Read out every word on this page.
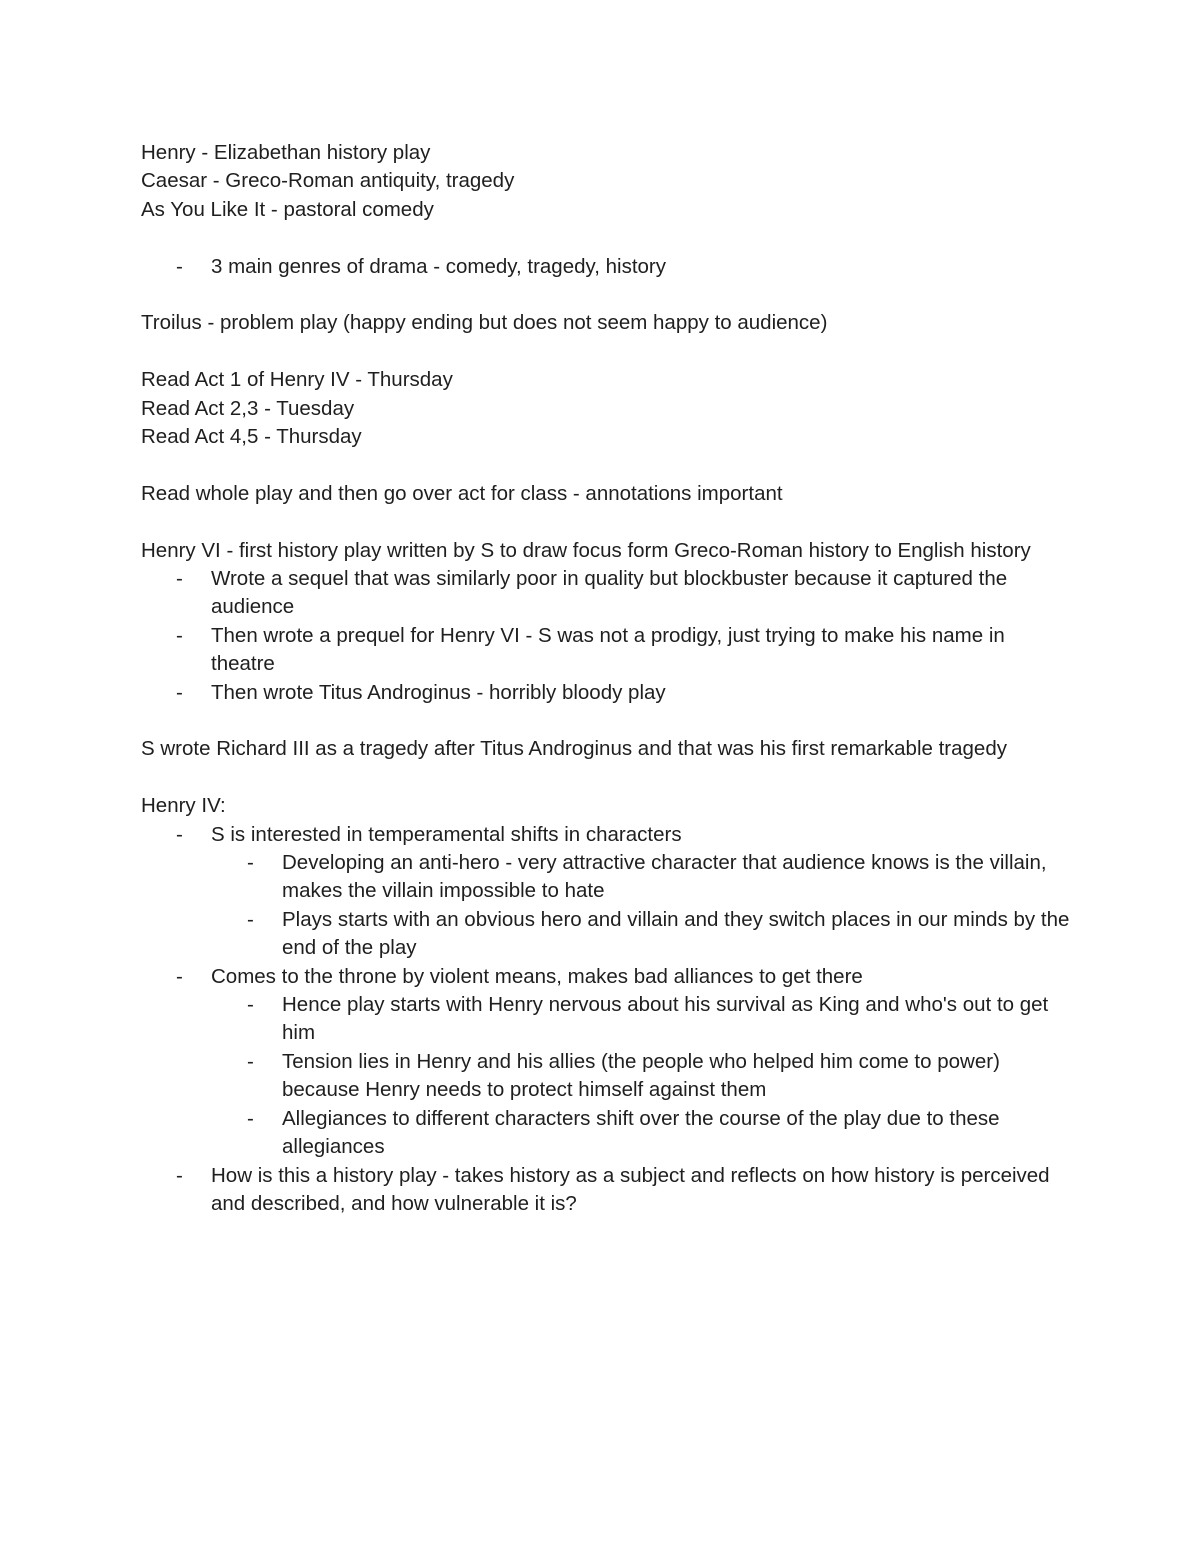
Henry - Elizabethan history play

Caesar - Greco-Roman antiquity, tragedy

As You Like It - pastoral comedy

- 3 main genres of drama - comedy, tragedy, history

Troilus - problem play (happy ending but does not seem happy to audience)

Read Act 1 of Henry IV - Thursday

Read Act 2,3 - Tuesday

Read Act 4,5 - Thursday

Read whole play and then go over act for class - annotations important

Henry VI - first history play written by S to draw focus form Greco-Roman history to English history

- Wrote a sequel that was similarly poor in quality but blockbuster because it captured the audience
- Then wrote a prequel for Henry VI - S was not a prodigy, just trying to make his name in theatre
- Then wrote Titus Androginus - horribly bloody play

S wrote Richard III as a tragedy after Titus Androginus and that was his first remarkable tragedy

Henry IV:

- S is interested in temperamental shifts in characters
- Developing an anti-hero - very attractive character that audience knows is the villain, makes the villain impossible to hate
- Plays starts with an obvious hero and villain and they switch places in our minds by the end of the play
- Comes to the throne by violent means, makes bad alliances to get there
- Hence play starts with Henry nervous about his survival as King and who's out to get him
- Tension lies in Henry and his allies (the people who helped him come to power) because Henry needs to protect himself against them
- Allegiances to different characters shift over the course of the play due to these allegiances
- How is this a history play - takes history as a subject and reflects on how history is perceived and described, and how vulnerable it is?
